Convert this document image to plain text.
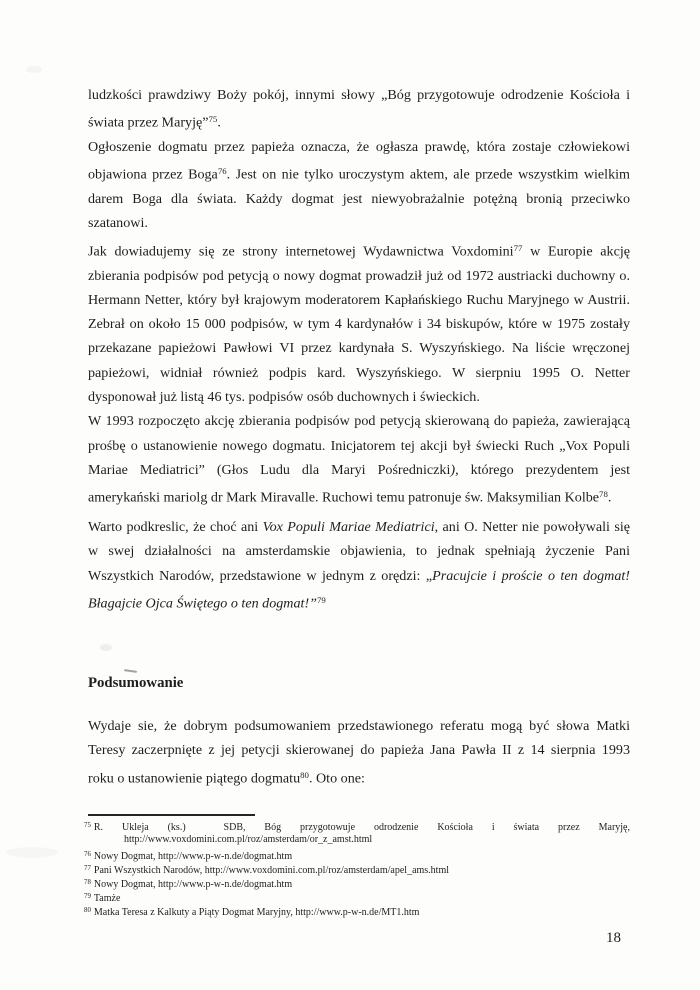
ludzkości prawdziwy Boży pokój, innymi słowy „Bóg przygotowuje odrodzenie Kościoła i
świata przez Maryję”$^{75}$.
Ogłoszenie dogmatu przez papieża oznacza, że ogłasza prawdę, która zostaje człowiekowi
objawiona przez Boga$^{76}$. Jest on nie tylko uroczystym aktem, ale przede wszystkim wielkim
darem Boga dla świata. Każdy dogmat jest niewyobrażalnie potężną bronią przeciwko
szatanowi.
Jak dowiadujemy się ze strony internetowej Wydawnictwa Voxdomini$^{77}$ w Europie akcję
zbierania podpisów pod petycją o nowy dogmat prowadził już od 1972 austriacki duchowny o.
Hermann Netter, który był krajowym moderatorem Kapłańskiego Ruchu Maryjnego w Austrii.
Zebrał on około 15 000 podpisów, w tym 4 kardynałów i 34 biskupów, które w 1975 zostały
przekazane papieżowi Pawłowi VI przez kardynała S. Wyszyńskiego. Na liście wręczonej
papieżowi, widniał również podpis kard. Wyszyńskiego. W sierpniu 1995 O. Netter
dysponował już listą 46 tys. podpisów osób duchownych i świeckich.
W 1993 rozpoczęto akcję zbierania podpisów pod petycją skierowaną do papieża, zawierającą
prośbę o ustanowienie nowego dogmatu. Inicjatorem tej akcji był świecki Ruch „Vox Populi
Mariae Mediatrici” (Głos Ludu dla Maryi Pośredniczki), którego prezydentem jest
amerykański mariolg dr Mark Miravalle. Ruchowi temu patronuje św. Maksymilian Kolbe$^{78}$.
Warto podkreslic, że choć ani Vox Populi Mariae Mediatrici, ani O. Netter nie powoływali się
w swej działalności na amsterdamskie objawienia, to jednak spełniają życzenie Pani
Wszystkich Narodów, przedstawione w jednym z orędzi: „Pracujcie i proście o ten dogmat!
Błagajcie Ojca Świętego o ten dogmat!”$^{79}$
Podsumowanie
Wydaje sie, że dobrym podsumowaniem przedstawionego referatu mogą być słowa Matki
Teresy zaczerpnięte z jej petycji skierowanej do papieża Jana Pawła II z 14 sierpnia 1993
roku o ustanowienie piątego dogmatu$^{80}$. Oto one:
$^{75}$ R. Ukleja (ks.)  SDB, Bóg przygotowuje odrodzenie Kościoła i świata przez Maryję,
http://www.voxdomini.com.pl/roz/amsterdam/or_z_amst.html
$^{76}$ Nowy Dogmat, http://www.p-w-n.de/dogmat.htm
$^{77}$ Pani Wszystkich Narodów, http://www.voxdomini.com.pl/roz/amsterdam/apel_ams.html
$^{78}$ Nowy Dogmat, http://www.p-w-n.de/dogmat.htm
$^{79}$ Tamże
$^{80}$ Matka Teresa z Kalkuty a Piąty Dogmat Maryjny, http://www.p-w-n.de/MT1.htm
18
